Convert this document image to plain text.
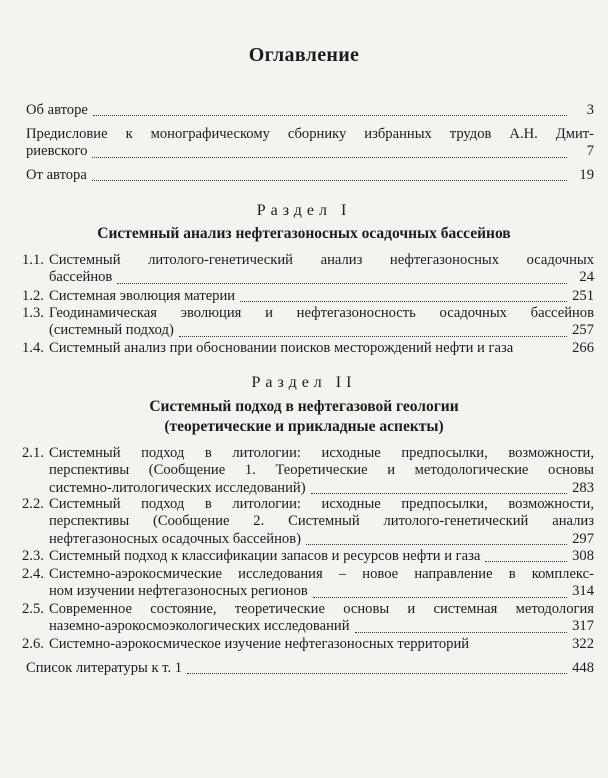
Оглавление
Об авторе	3
Предисловие к монографическому сборнику избранных трудов А.Н. Дмит-
риевского	7
От автора	19
Раздел I
Системный анализ нефтегазоносных осадочных бассейнов
1.1. Системный литолого-генетический анализ нефтегазоносных осадочных
бассейнов	24
1.2. Системная эволюция материи	251
1.3. Геодинамическая эволюция и нефтегазоносность осадочных бассейнов
(системный подход)	257
1.4. Системный анализ при обосновании поисков месторождений нефти и газа	266
Раздел II
Системный подход в нефтегазовой геологии
(теоретические и прикладные аспекты)
2.1. Системный подход в литологии: исходные предпосылки, возможности,
перспективы (Сообщение 1. Теоретические и методологические основы
системно-литологических исследований)	283
2.2. Системный подход в литологии: исходные предпосылки, возможности,
перспективы (Сообщение 2. Системный литолого-генетический анализ
нефтегазоносных осадочных бассейнов)	297
2.3. Системный подход к классификации запасов и ресурсов нефти и газа	308
2.4. Системно-аэрокосмические исследования – новое направление в комплекс-
ном изучении нефтегазоносных регионов	314
2.5. Современное состояние, теоретические основы и системная методология
наземно-аэрокосмоэкологических исследований	317
2.6. Системно-аэрокосмическое изучение нефтегазоносных территорий	322
Список литературы к т. 1	448
